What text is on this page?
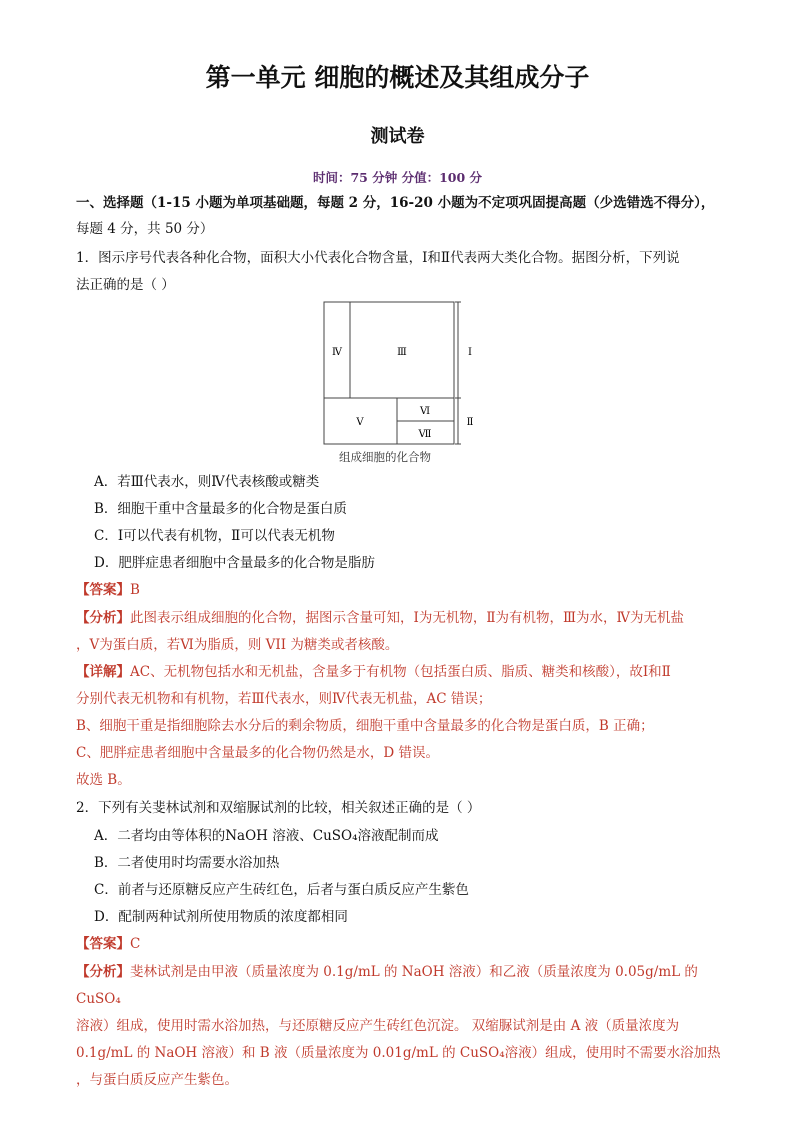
第一单元 细胞的概述及其组成分子
测试卷
时间：75 分钟 分值：100 分
一、选择题（1-15 小题为单项基础题，每题 2 分，16-20 小题为不定项巩固提高题（少选错选不得分），
每题 4 分，共 50 分）
1．图示序号代表各种化合物，面积大小代表化合物含量，Ⅰ和Ⅱ代表两大类化合物。据图分析，下列说
法正确的是（ ）
Ⅳ	Ⅲ
Ⅴ
Ⅵ
Ⅶ
Ⅰ
Ⅱ
组成细胞的化合物
A．若Ⅲ代表水，则Ⅳ代表核酸或糖类
B．细胞干重中含量最多的化合物是蛋白质
C．Ⅰ可以代表有机物，Ⅱ可以代表无机物
D．肥胖症患者细胞中含量最多的化合物是脂肪
【答案】B
【分析】此图表示组成细胞的化合物，据图示含量可知，Ⅰ为无机物，Ⅱ为有机物，Ⅲ为水，Ⅳ为无机盐
，Ⅴ为蛋白质，若Ⅵ为脂质，则 VII 为糖类或者核酸。
【详解】AC、无机物包括水和无机盐，含量多于有机物（包括蛋白质、脂质、糖类和核酸），故Ⅰ和Ⅱ
分别代表无机物和有机物，若Ⅲ代表水，则Ⅳ代表无机盐，AC 错误；
B、细胞干重是指细胞除去水分后的剩余物质，细胞干重中含量最多的化合物是蛋白质，B 正确；
C、肥胖症患者细胞中含量最多的化合物仍然是水，D 错误。
故选 B。
2．下列有关斐林试剂和双缩脲试剂的比较，相关叙述正确的是（ ）
A．二者均由等体积的NaOH 溶液、CuSO₄溶液配制而成
B．二者使用时均需要水浴加热
C．前者与还原糖反应产生砖红色，后者与蛋白质反应产生紫色
D．配制两种试剂所使用物质的浓度都相同
【答案】C
【分析】斐林试剂是由甲液（质量浓度为 0.1g/mL 的 NaOH 溶液）和乙液（质量浓度为 0.05g/mL 的
CuSO₄
溶液）组成，使用时需水浴加热，与还原糖反应产生砖红色沉淀。 双缩脲试剂是由 A 液（质量浓度为
0.1g/mL 的 NaOH 溶液）和 B 液（质量浓度为 0.01g/mL 的 CuSO₄溶液）组成，使用时不需要水浴加热
，与蛋白质反应产生紫色。
